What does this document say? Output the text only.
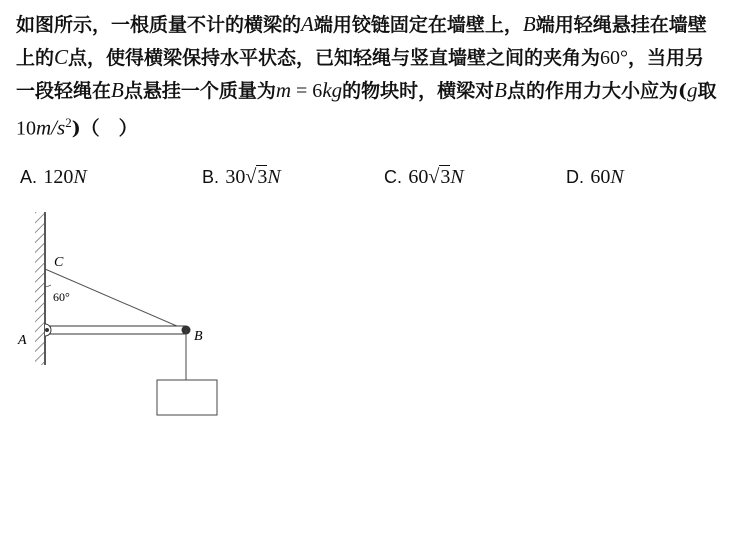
如图所示，一根质量不计的横梁的A端用铰链固定在墙壁上，B端用轻绳悬挂在墙壁上的C点，使得横梁保持水平状态，已知轻绳与竖直墙壁之间的夹角为60°，当用另一段轻绳在B点悬挂一个质量为m = 6kg的物块时，横梁对B点的作用力大小应为(g取$10m/s^2$)（　）
A. 120N	B. 30√3N	C. 60√3N	D. 60N
C
60°
A	B
